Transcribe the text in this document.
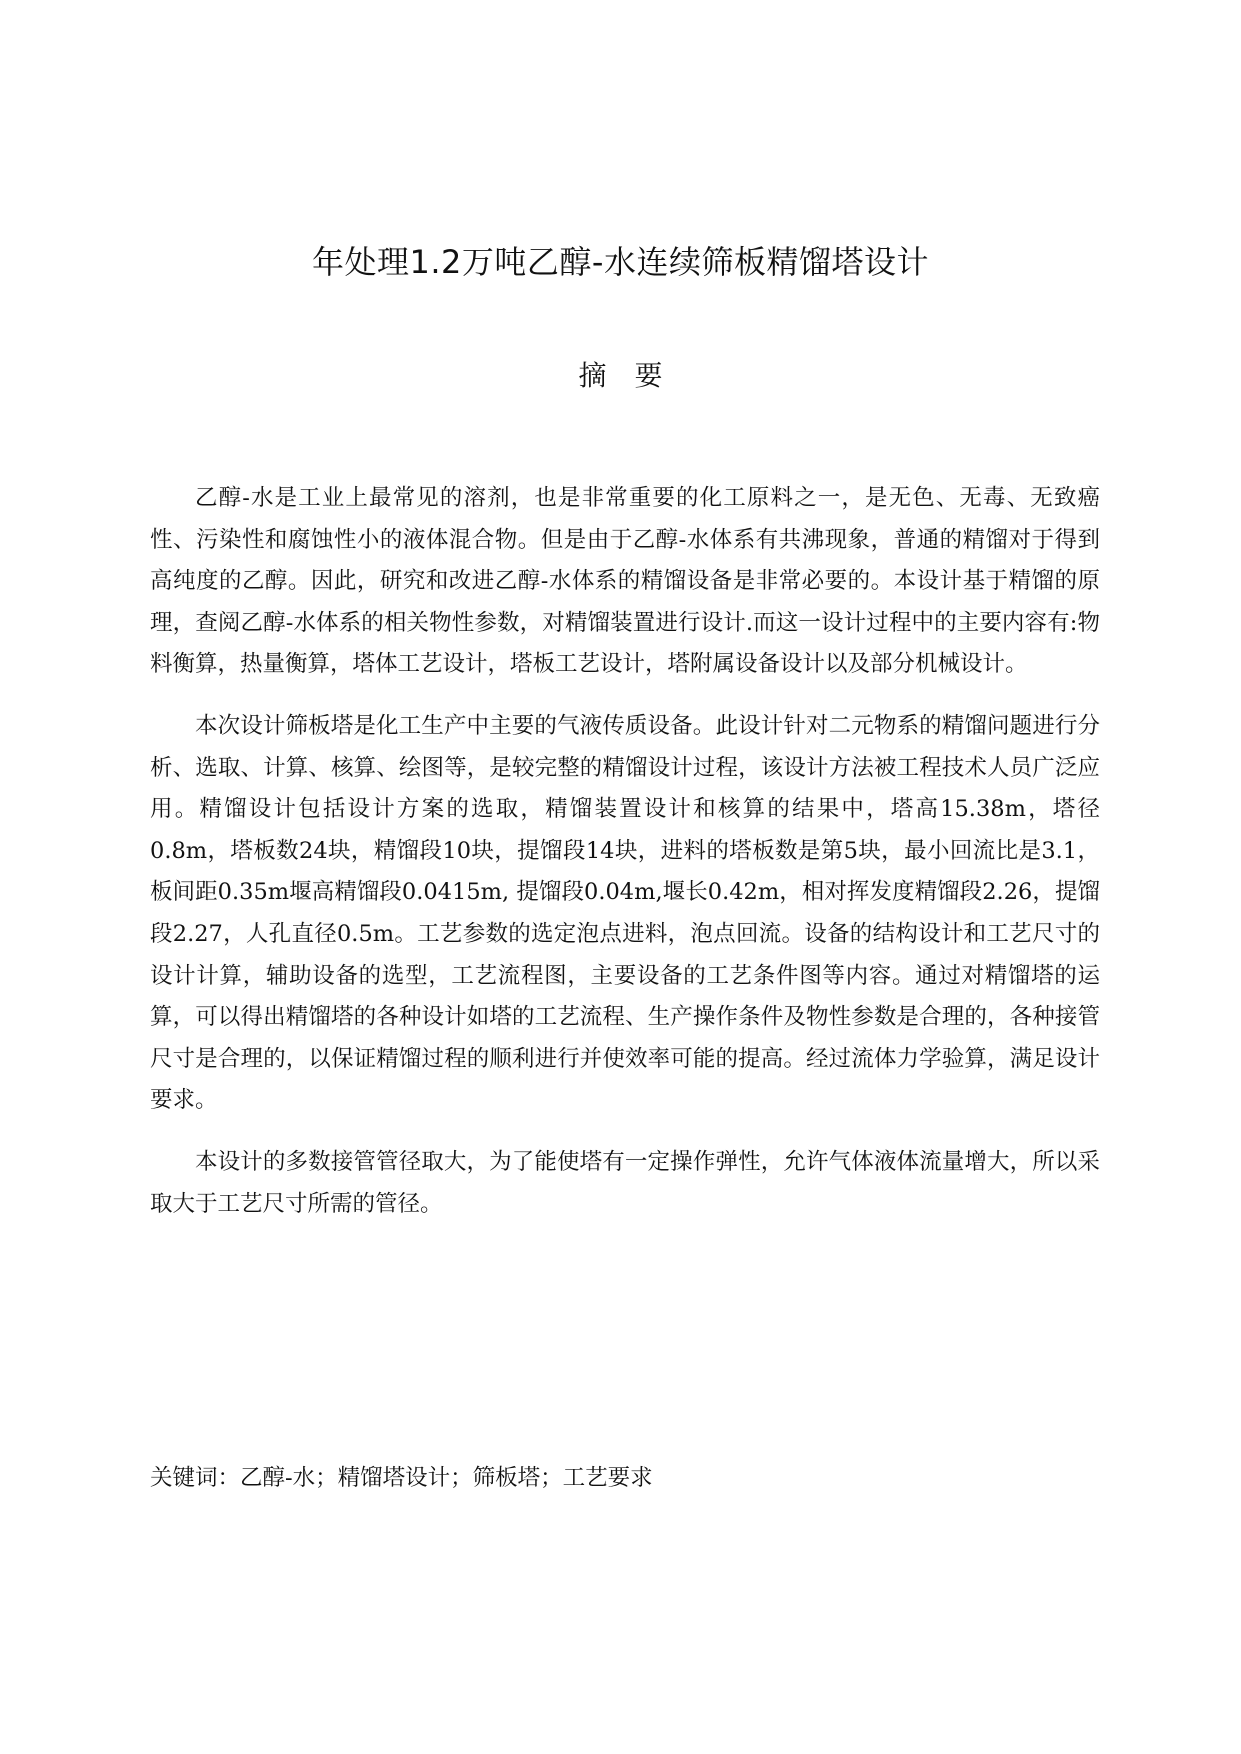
年处理1.2万吨乙醇-水连续筛板精馏塔设计
摘 要

乙醇-水是工业上最常见的溶剂，也是非常重要的化工原料之一，是无色、无毒、无致癌性、污染性和腐蚀性小的液体混合物。但是由于乙醇-水体系有共沸现象，普通的精馏对于得到高纯度的乙醇。因此，研究和改进乙醇-水体系的精馏设备是非常必要的。本设计基于精馏的原理，查阅乙醇-水体系的相关物性参数，对精馏装置进行设计.而这一设计过程中的主要内容有:物料衡算，热量衡算，塔体工艺设计，塔板工艺设计，塔附属设备设计以及部分机械设计。

本次设计筛板塔是化工生产中主要的气液传质设备。此设计针对二元物系的精馏问题进行分析、选取、计算、核算、绘图等，是较完整的精馏设计过程，该设计方法被工程技术人员广泛应用。精馏设计包括设计方案的选取，精馏装置设计和核算的结果中，塔高15.38m，塔径0.8m，塔板数24块，精馏段10块，提馏段14块，进料的塔板数是第5块，最小回流比是3.1，板间距0.35m堰高精馏段0.0415m, 提馏段0.04m,堰长0.42m，相对挥发度精馏段2.26，提馏段2.27，人孔直径0.5m。工艺参数的选定泡点进料，泡点回流。设备的结构设计和工艺尺寸的设计计算，辅助设备的选型，工艺流程图，主要设备的工艺条件图等内容。通过对精馏塔的运算，可以得出精馏塔的各种设计如塔的工艺流程、生产操作条件及物性参数是合理的，各种接管尺寸是合理的，以保证精馏过程的顺利进行并使效率可能的提高。经过流体力学验算，满足设计要求。

本设计的多数接管管径取大，为了能使塔有一定操作弹性，允许气体液体流量增大，所以采取大于工艺尺寸所需的管径。

关键词：乙醇-水；精馏塔设计；筛板塔；工艺要求
